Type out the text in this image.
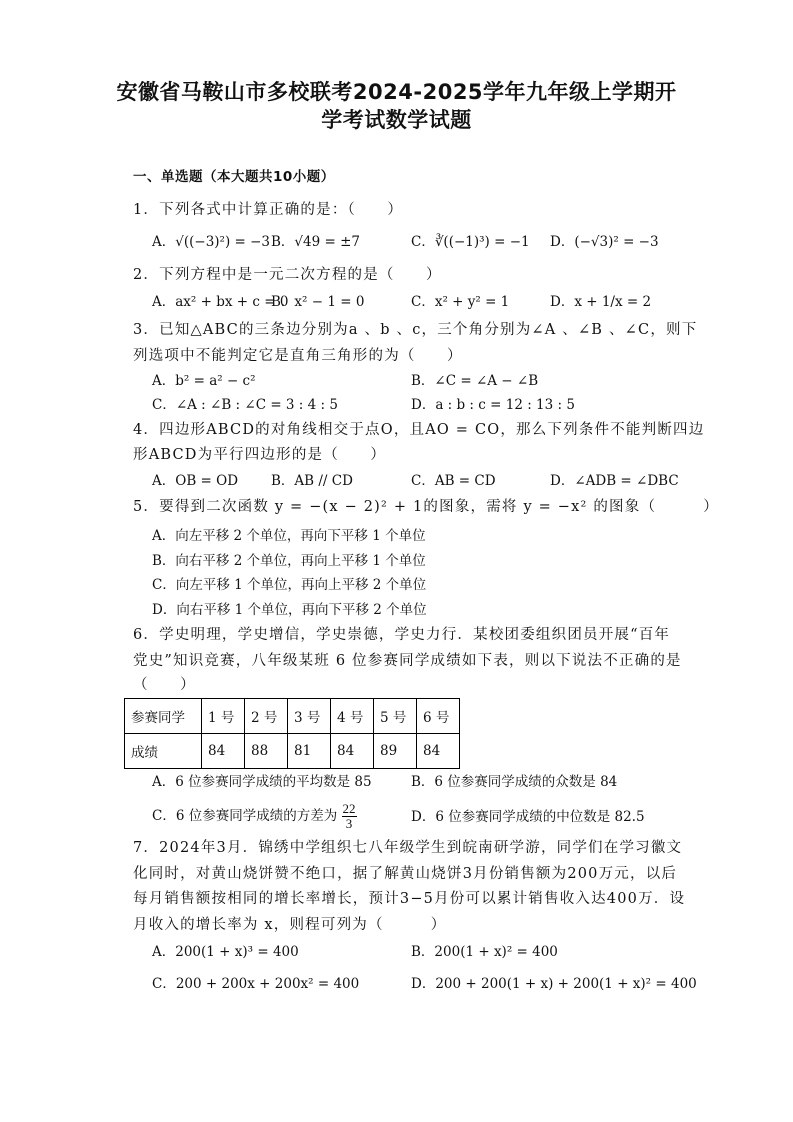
安徽省马鞍山市多校联考2024-2025学年九年级上学期开
学考试数学试题
一、单选题（本大题共10小题）
1．下列各式中计算正确的是：（　　）
A．√((−3)²) = −3 B．√49 = ±7	C．∛((−1)³) = −1 D．(−√3)² = −3
2．下列方程中是一元二次方程的是（　　）
A．ax² + bx + c = 0
B．x² − 1 = 0	C．x² + y² = 1	D．x + 1/x = 2
3．已知△ABC的三条边分别为a 、b 、c，三个角分别为∠A 、∠B 、∠C，则下
列选项中不能判定它是直角三角形的为（　　）
A．b² = a² − c²	B．∠C = ∠A − ∠B
C．∠A : ∠B : ∠C = 3 : 4 : 5	D．a : b : c = 12 : 13 : 5
4．四边形ABCD的对角线相交于点O，且AO = CO，那么下列条件不能判断四边
形ABCD为平行四边形的是（　　）
A．OB = OD B．AB // CD	C．AB = CD	D．∠ADB = ∠DBC
5．要得到二次函数 y = −(x − 2)² + 1的图象，需将 y = −x² 的图象（　　　）
A．向左平移 2 个单位，再向下平移 1 个单位
B．向右平移 2 个单位，再向上平移 1 个单位
C．向左平移 1 个单位，再向上平移 2 个单位
D．向右平移 1 个单位，再向下平移 2 个单位
6．学史明理，学史增信，学史崇德，学史力行．某校团委组织团员开展“百年
党史”知识竞赛，八年级某班 6 位参赛同学成绩如下表，则以下说法不正确的是
（　　）
参赛同学	1 号	2 号	3 号	4 号	5 号	6 号
成绩	84	88	81	84	89	84
A．6 位参赛同学成绩的平均数是 85	B．6 位参赛同学成绩的众数是 84
C．6 位参赛同学成绩的方差为 $\frac{22}{3}$	D．6 位参赛同学成绩的中位数是 82.5
7．2024年3月．锦绣中学组织七八年级学生到皖南研学游，同学们在学习徽文
化同时，对黄山烧饼赞不绝口，据了解黄山烧饼3月份销售额为200万元，以后
每月销售额按相同的增长率增长，预计3−5月份可以累计销售收入达400万．设
月收入的增长率为 x，则程可列为（　　　）
A．200(1 + x)³ = 400	B．200(1 + x)² = 400
C．200 + 200x + 200x² = 400	D．200 + 200(1 + x) + 200(1 + x)² = 400
